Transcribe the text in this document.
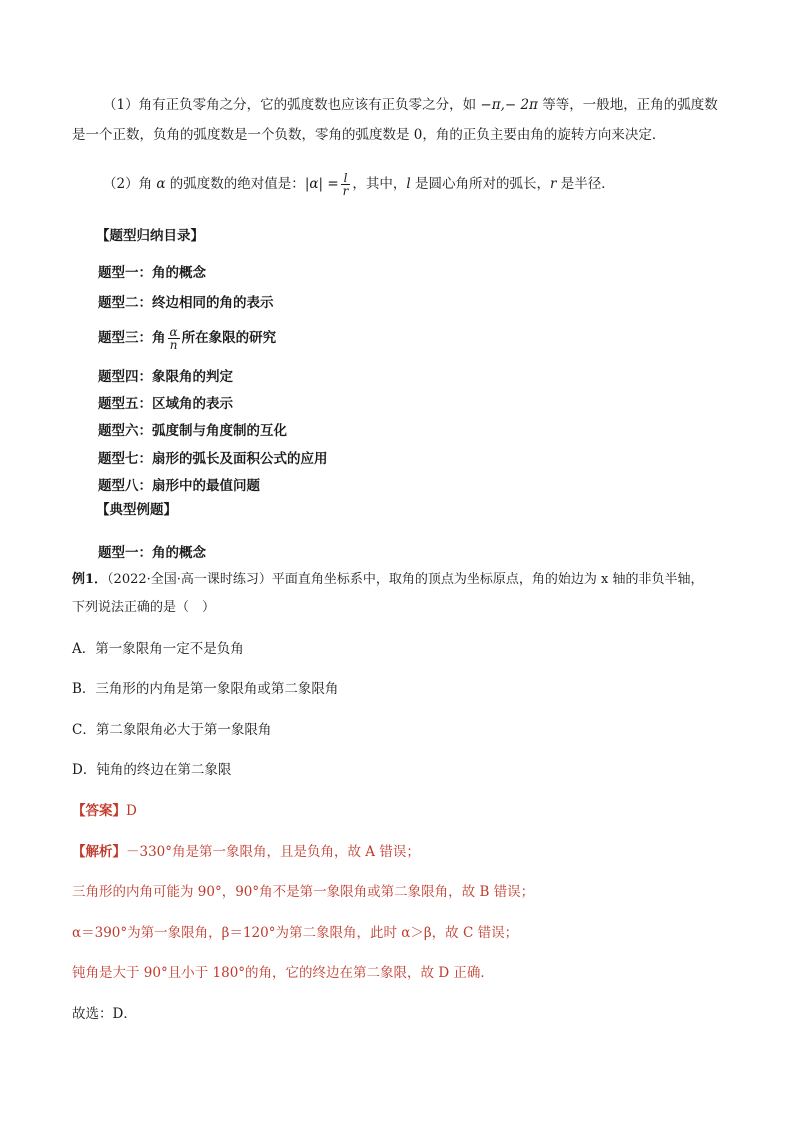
（1）角有正负零角之分，它的弧度数也应该有正负零之分，如 −π,− 2π 等等，一般地，正角的弧度数
是一个正数，负角的弧度数是一个负数，零角的弧度数是 0，角的正负主要由角的旋转方向来决定．
（2）角 α 的弧度数的绝对值是：$|\alpha| = \frac{l}{r}$ ，其中，l 是圆心角所对的弧长，r 是半径．
【题型归纳目录】
题型一：角的概念
题型二：终边相同的角的表示
题型三：角 $\frac{\alpha}{n}$ 所在象限的研究
题型四：象限角的判定
题型五：区域角的表示
题型六：弧度制与角度制的互化
题型七：扇形的弧长及面积公式的应用
题型八：扇形中的最值问题
【典型例题】
题型一：角的概念
例1．（2022·全国·高一课时练习）平面直角坐标系中，取角的顶点为坐标原点，角的始边为 x 轴的非负半轴，
下列说法正确的是（　）
A．第一象限角一定不是负角
B．三角形的内角是第一象限角或第二象限角
C．第二象限角必大于第一象限角
D．钝角的终边在第二象限
【答案】D
【解析】－330°角是第一象限角，且是负角，故 A 错误；
三角形的内角可能为 90°，90°角不是第一象限角或第二象限角，故 B 错误；
α＝390°为第一象限角，β＝120°为第二象限角，此时 α＞β，故 C 错误；
钝角是大于 90°且小于 180°的角，它的终边在第二象限，故 D 正确．
故选：D．
